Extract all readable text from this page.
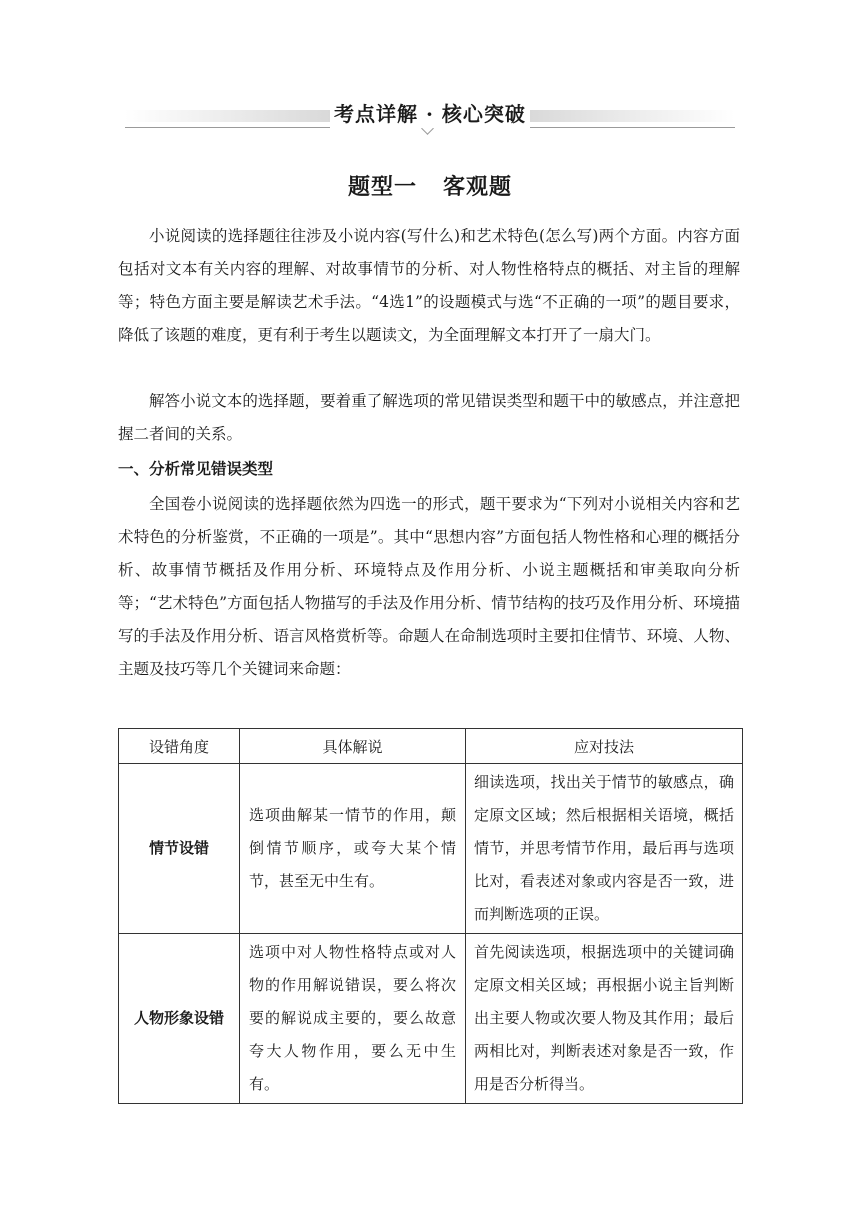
考点详解 · 核心突破
题型一 客观题
小说阅读的选择题往往涉及小说内容(写什么)和艺术特色(怎么写)两个方面。内容方面包括对文本有关内容的理解、对故事情节的分析、对人物性格特点的概括、对主旨的理解等；特色方面主要是解读艺术手法。“4选1”的设题模式与选“不正确的一项”的题目要求，降低了该题的难度，更有利于考生以题读文，为全面理解文本打开了一扇大门。
解答小说文本的选择题，要着重了解选项的常见错误类型和题干中的敏感点，并注意把握二者间的关系。
一、分析常见错误类型
全国卷小说阅读的选择题依然为四选一的形式，题干要求为“下列对小说相关内容和艺术特色的分析鉴赏，不正确的一项是”。其中“思想内容”方面包括人物性格和心理的概括分析、故事情节概括及作用分析、环境特点及作用分析、小说主题概括和审美取向分析等；“艺术特色”方面包括人物描写的手法及作用分析、情节结构的技巧及作用分析、环境描写的手法及作用分析、语言风格赏析等。命题人在命制选项时主要扣住情节、环境、人物、主题及技巧等几个关键词来命题：
设错角度	具体解说	应对技法
情节设错	选项曲解某一情节的作用，颠倒情节顺序，或夸大某个情节，甚至无中生有。	细读选项，找出关于情节的敏感点，确定原文区域；然后根据相关语境，概括情节，并思考情节作用，最后再与选项比对，看表述对象或内容是否一致，进而判断选项的正误。
人物形象设错	选项中对人物性格特点或对人物的作用解说错误，要么将次要的解说成主要的，要么故意夸大人物作用，要么无中生有。	首先阅读选项，根据选项中的关键词确定原文相关区域；再根据小说主旨判断出主要人物或次要人物及其作用；最后两相比对，判断表述对象是否一致，作用是否分析得当。
